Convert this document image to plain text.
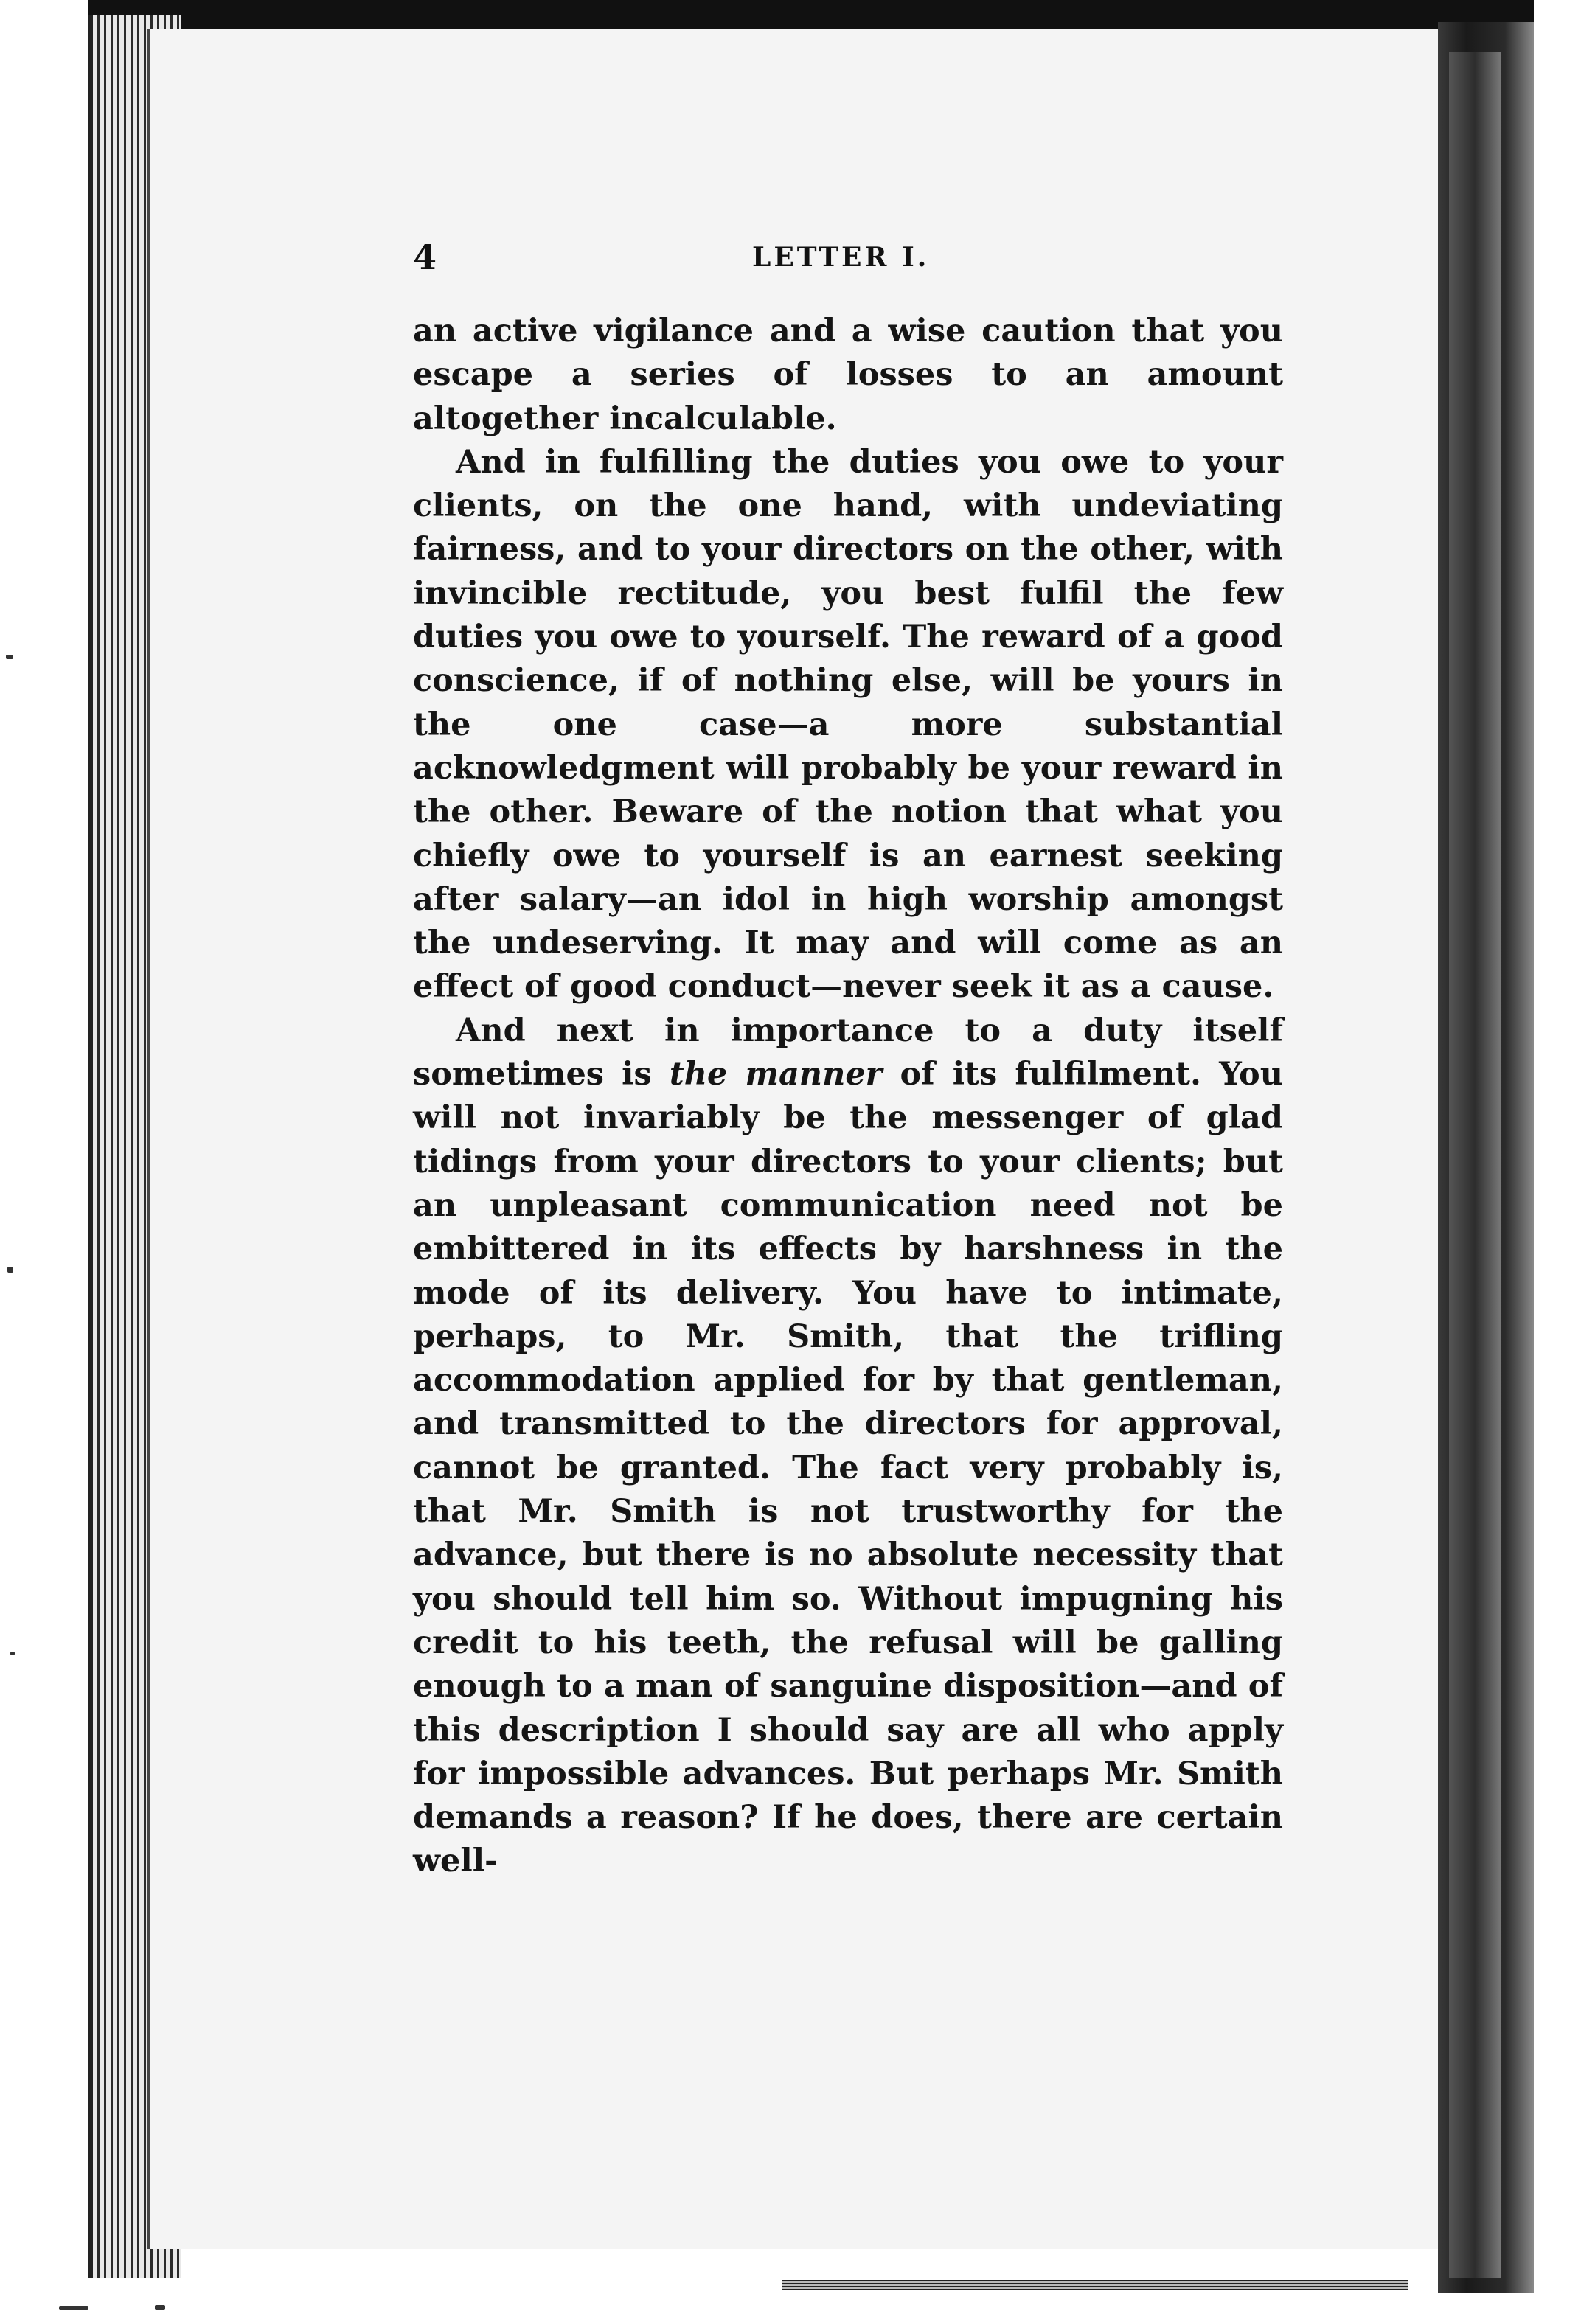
4	LETTER I.

an active vigilance and a wise caution that you escape a series of losses to an amount altogether incalculable.

And in fulfilling the duties you owe to your clients, on the one hand, with undeviating fairness, and to your directors on the other, with invincible rectitude, you best fulfil the few duties you owe to yourself. The reward of a good conscience, if of nothing else, will be yours in the one case—a more substantial acknowledgment will probably be your reward in the other. Beware of the notion that what you chiefly owe to yourself is an earnest seeking after salary—an idol in high worship amongst the undeserving. It may and will come as an effect of good conduct—never seek it as a cause.

And next in importance to a duty itself sometimes is the manner of its fulfilment. You will not invariably be the messenger of glad tidings from your directors to your clients; but an unpleasant communication need not be embittered in its effects by harshness in the mode of its delivery. You have to intimate, perhaps, to Mr. Smith, that the trifling accommodation applied for by that gentleman, and transmitted to the directors for approval, cannot be granted. The fact very probably is, that Mr. Smith is not trustworthy for the advance, but there is no absolute necessity that you should tell him so. Without impugning his credit to his teeth, the refusal will be galling enough to a man of sanguine disposition—and of this description I should say are all who apply for impossible advances. But perhaps Mr. Smith demands a reason? If he does, there are certain well-
